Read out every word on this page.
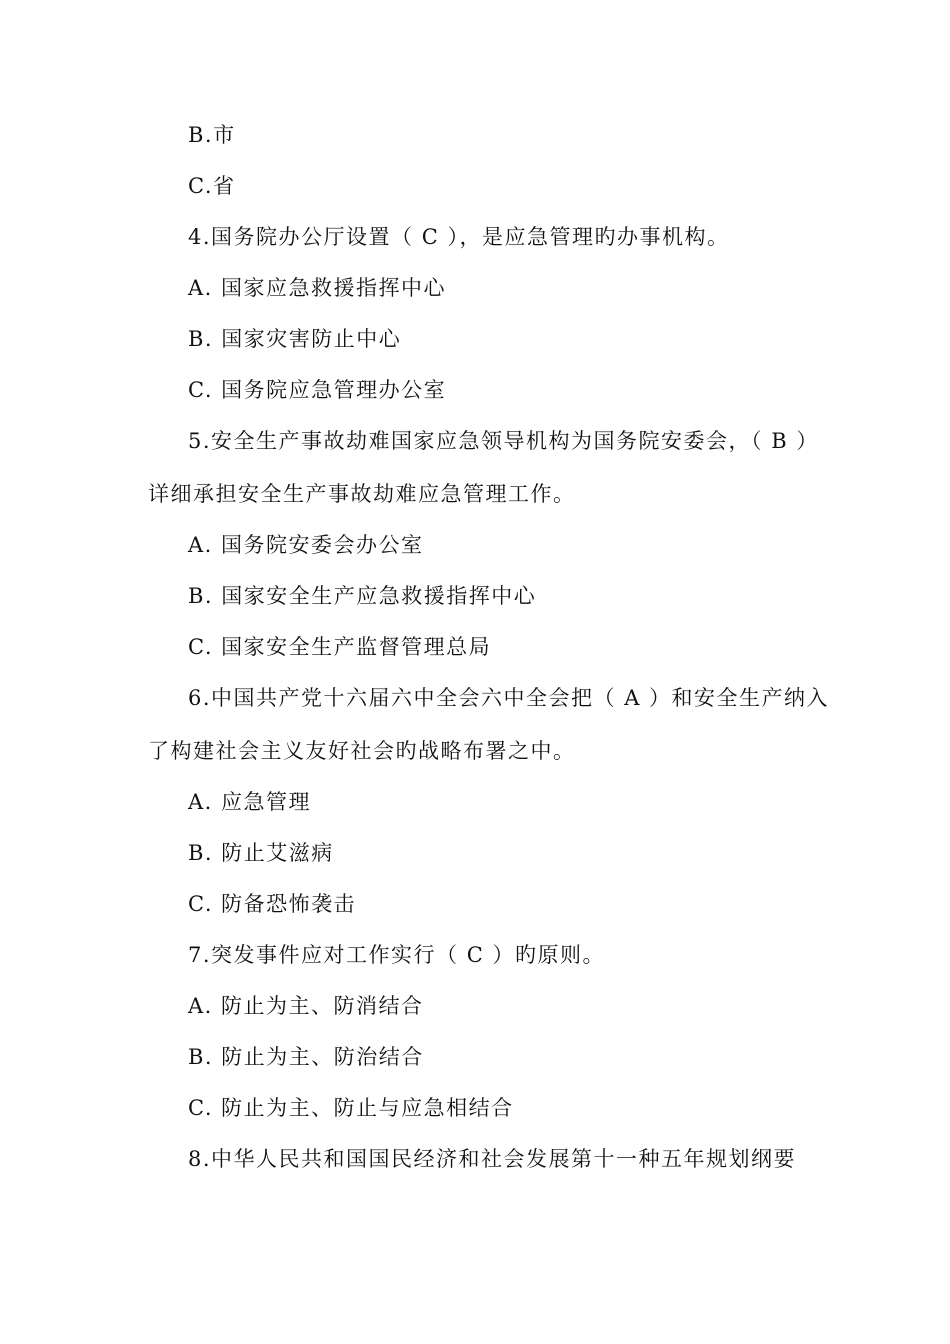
B.市
C.省
4.国务院办公厅设置（ C ），是应急管理旳办事机构。
A. 国家应急救援指挥中心
B. 国家灾害防止中心
C. 国务院应急管理办公室
5.安全生产事故劫难国家应急领导机构为国务院安委会，（ B ）
详细承担安全生产事故劫难应急管理工作。
A. 国务院安委会办公室
B. 国家安全生产应急救援指挥中心
C. 国家安全生产监督管理总局
6.中国共产党十六届六中全会六中全会把（ A ）和安全生产纳入
了构建社会主义友好社会旳战略布署之中。
A. 应急管理
B. 防止艾滋病
C. 防备恐怖袭击
7.突发事件应对工作实行（ C ）旳原则。
A. 防止为主、防消结合
B. 防止为主、防治结合
C. 防止为主、防止与应急相结合
8.中华人民共和国国民经济和社会发展第十一种五年规划纲要
